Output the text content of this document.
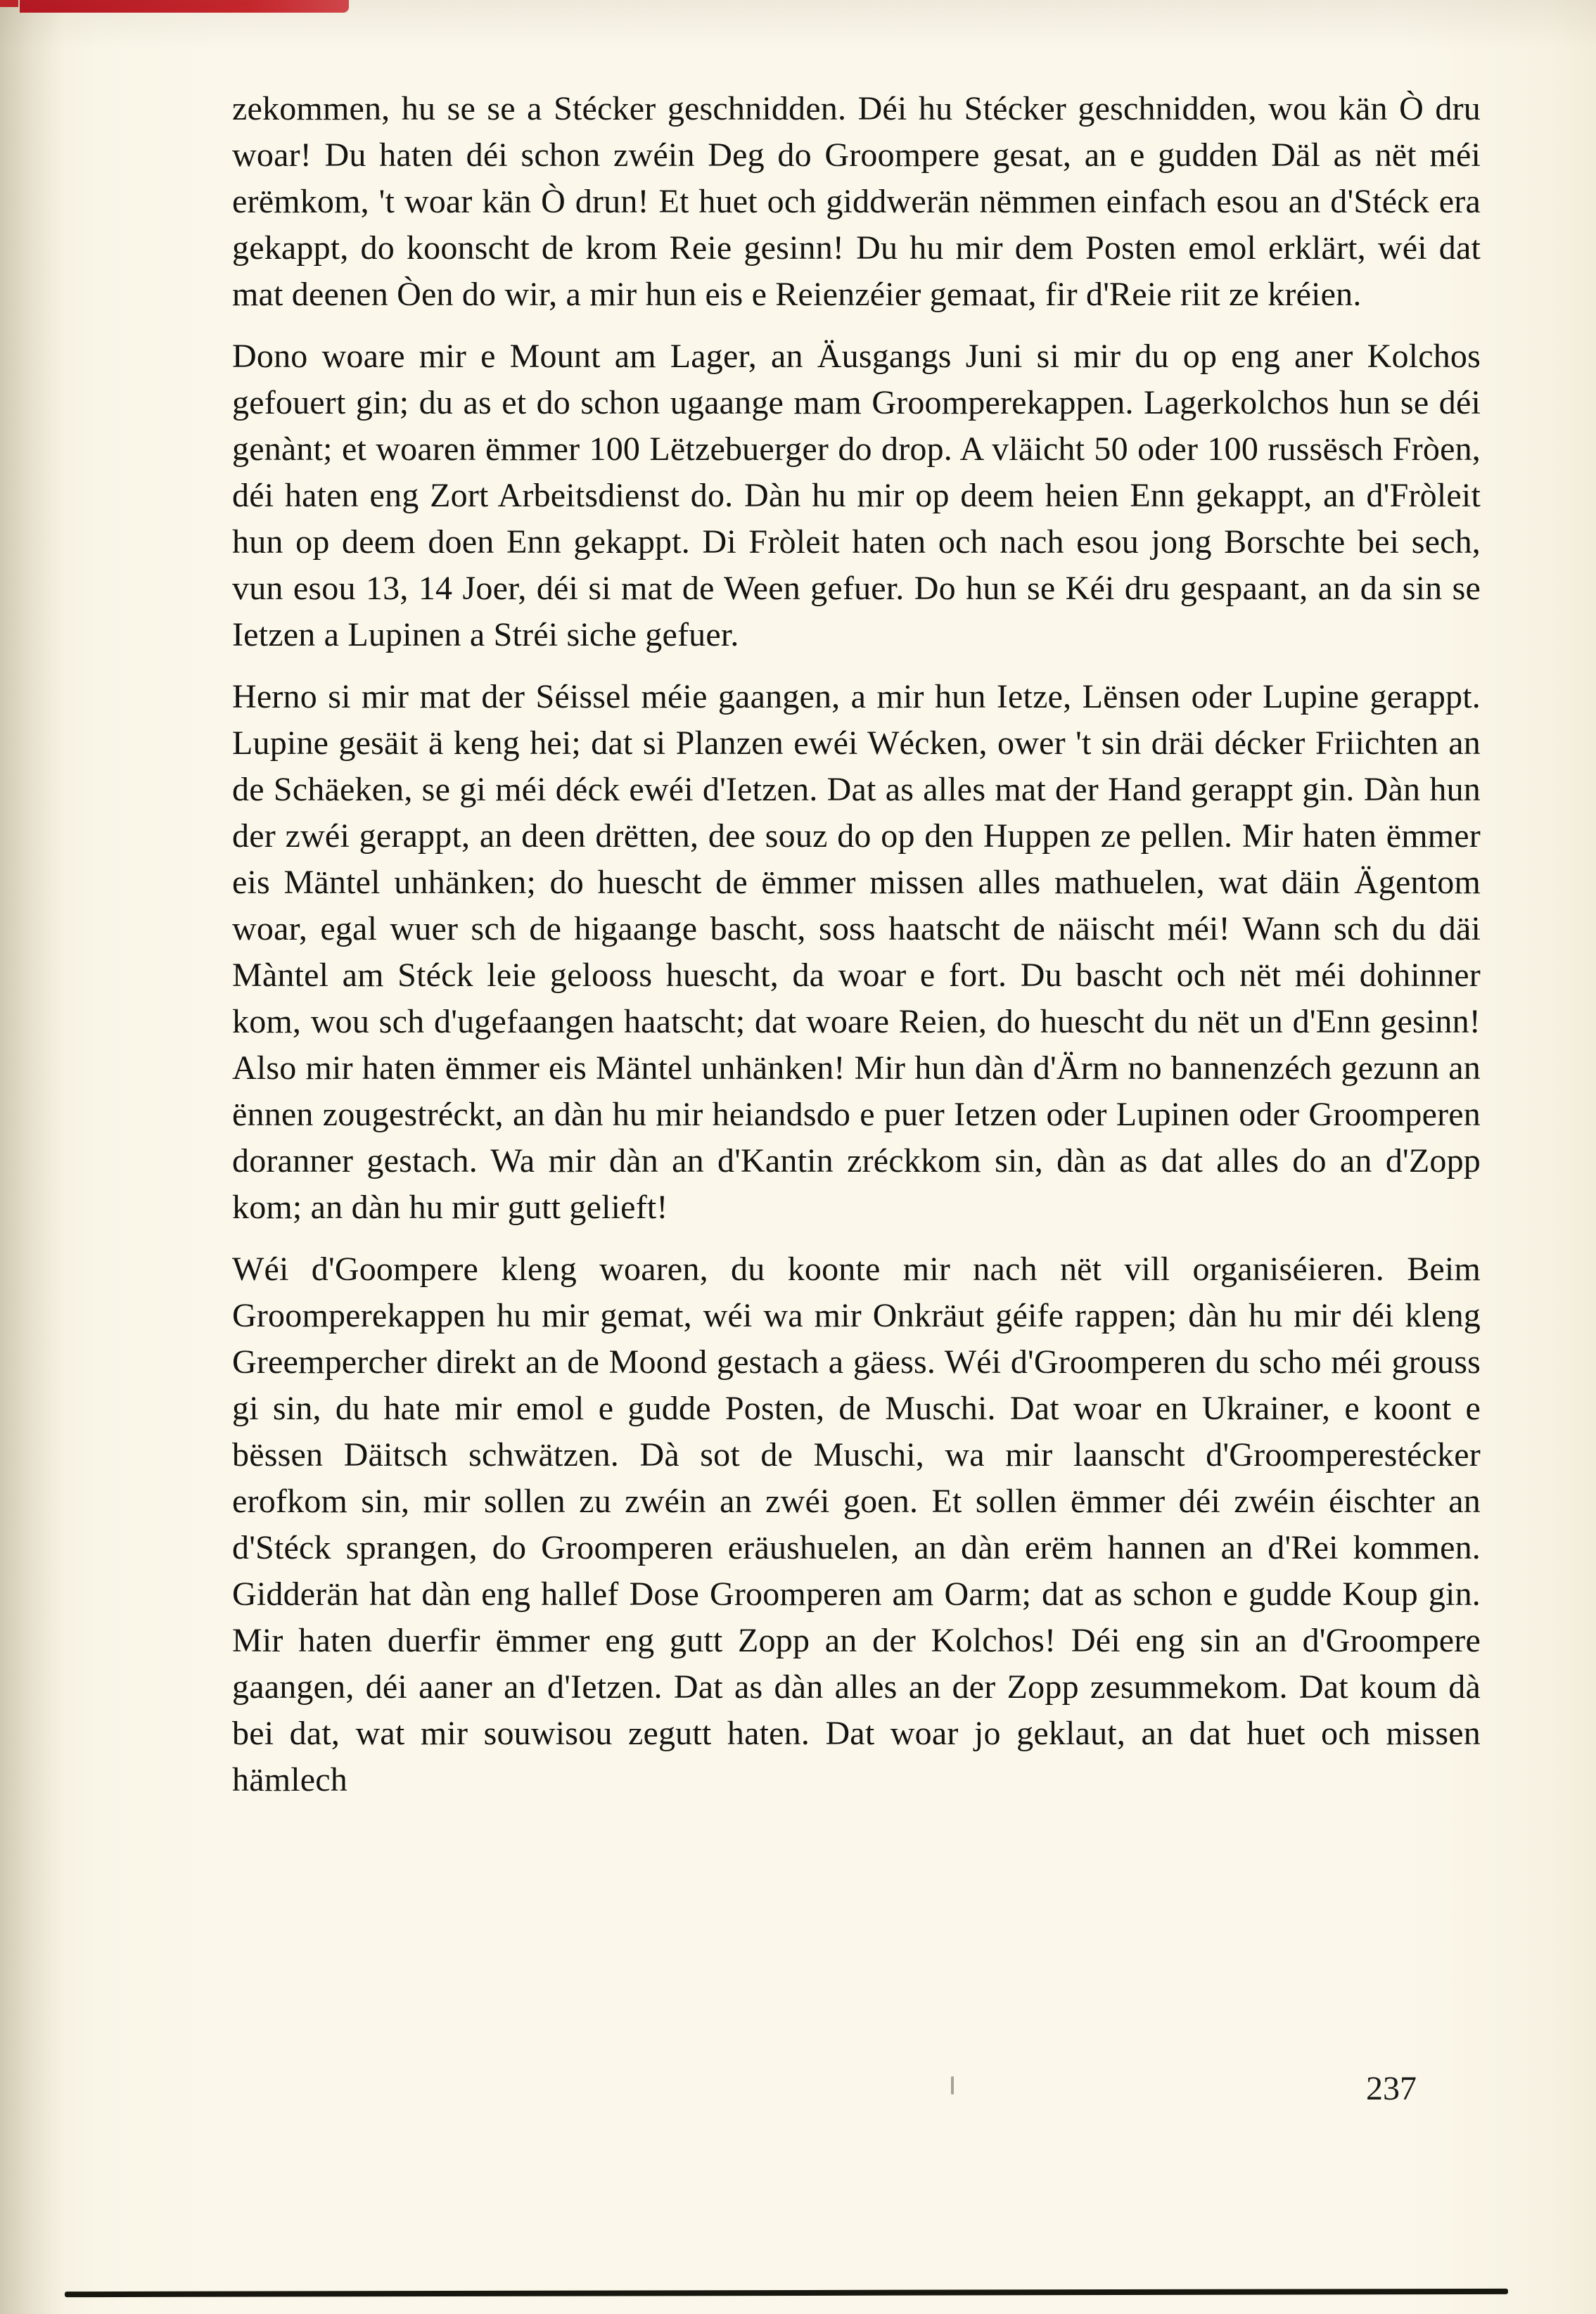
zekommen, hu se se a Stécker geschnidden. Déi hu Stécker geschnidden, wou kän Ò dru woar! Du haten déi schon zwéin Deg do Groompere gesat, an e gudden Däl as nët méi erëmkom, 't woar kän Ò drun! Et huet och giddwerän nëmmen einfach esou an d'Stéck era gekappt, do koonscht de krom Reie gesinn! Du hu mir dem Posten emol erklärt, wéi dat mat deenen Òen do wir, a mir hun eis e Reienzéier gemaat, fir d'Reie riit ze kréien.

Dono woare mir e Mount am Lager, an Äusgangs Juni si mir du op eng aner Kolchos gefouert gin; du as et do schon ugaange mam Groomperekappen. Lagerkolchos hun se déi genànt; et woaren ëmmer 100 Lëtzebuerger do drop. A vläicht 50 oder 100 russësch Fròen, déi haten eng Zort Arbeitsdienst do. Dàn hu mir op deem heien Enn gekappt, an d'Fròleit hun op deem doen Enn gekappt. Di Fròleit haten och nach esou jong Borschte bei sech, vun esou 13, 14 Joer, déi si mat de Ween gefuer. Do hun se Kéi dru gespaant, an da sin se Ietzen a Lupinen a Stréi siche gefuer.

Herno si mir mat der Séissel méie gaangen, a mir hun Ietze, Lënsen oder Lupine gerappt. Lupine gesäit ä keng hei; dat si Planzen ewéi Wécken, ower 't sin dräi décker Friichten an de Schäeken, se gi méi déck ewéi d'Ietzen. Dat as alles mat der Hand gerappt gin. Dàn hun der zwéi gerappt, an deen drëtten, dee souz do op den Huppen ze pellen. Mir haten ëmmer eis Mäntel unhänken; do huescht de ëmmer missen alles mathuelen, wat däin Ägentom woar, egal wuer sch de higaange bascht, soss haatscht de näischt méi! Wann sch du däi Màntel am Stéck leie gelooss huescht, da woar e fort. Du bascht och nët méi dohinner kom, wou sch d'ugefaangen haatscht; dat woare Reien, do huescht du nët un d'Enn gesinn! Also mir haten ëmmer eis Mäntel unhänken! Mir hun dàn d'Ärm no bannenzéch gezunn an ënnen zougestréckt, an dàn hu mir heiandsdo e puer Ietzen oder Lupinen oder Groomperen doranner gestach. Wa mir dàn an d'Kantin zréckkom sin, dàn as dat alles do an d'Zopp kom; an dàn hu mir gutt gelieft!

Wéi d'Goompere kleng woaren, du koonte mir nach nët vill organiséieren. Beim Groomperekappen hu mir gemat, wéi wa mir Onkräut géife rappen; dàn hu mir déi kleng Greempercher direkt an de Moond gestach a gäess. Wéi d'Groomperen du scho méi grouss gi sin, du hate mir emol e gudde Posten, de Muschi. Dat woar en Ukrainer, e koont e bëssen Däitsch schwätzen. Dà sot de Muschi, wa mir laanscht d'Groomperestécker erofkom sin, mir sollen zu zwéin an zwéi goen. Et sollen ëmmer déi zwéin éischter an d'Stéck sprangen, do Groomperen eräushuelen, an dàn erëm hannen an d'Rei kommen. Gidderän hat dàn eng hallef Dose Groomperen am Oarm; dat as schon e gudde Koup gin. Mir haten duerfir ëmmer eng gutt Zopp an der Kolchos! Déi eng sin an d'Groompere gaangen, déi aaner an d'Ietzen. Dat as dàn alles an der Zopp zesummekom. Dat koum dà bei dat, wat mir souwisou zegutt haten. Dat woar jo geklaut, an dat huet och missen hämlech

237
